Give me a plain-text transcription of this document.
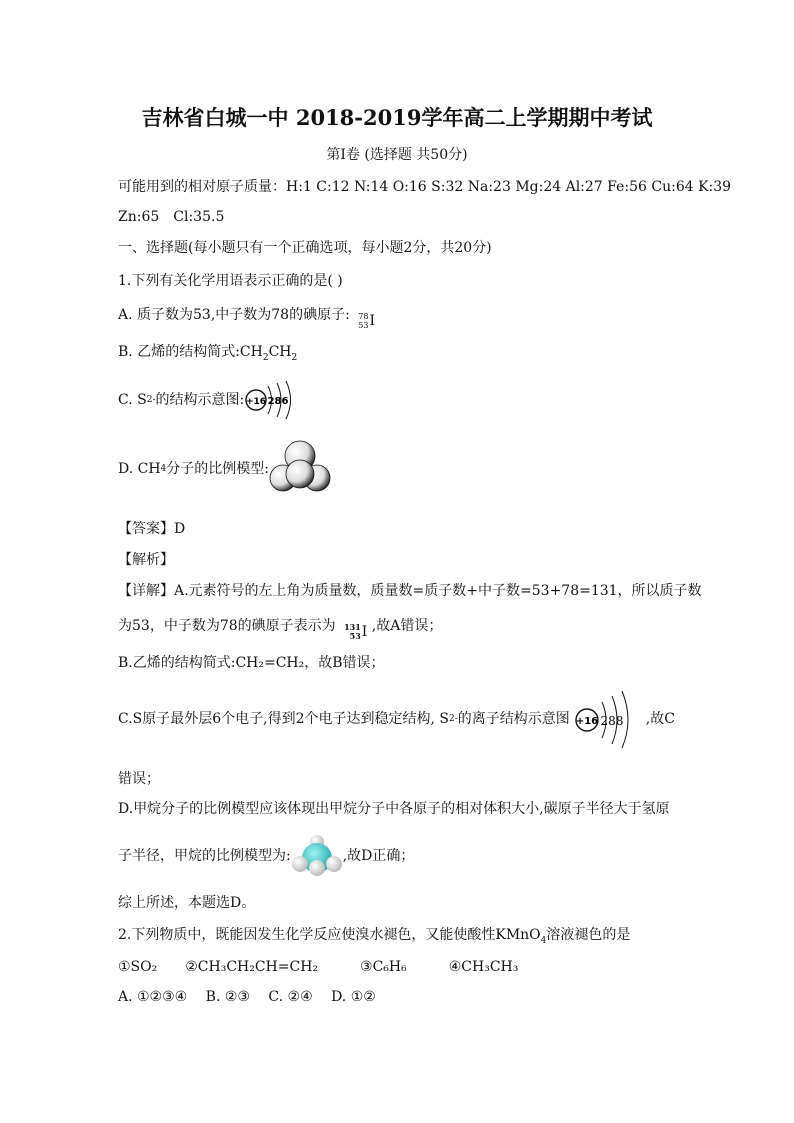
吉林省白城一中 2018-2019学年高二上学期期中考试
第Ⅰ卷 (选择题 共50分)
可能用到的相对原子质量：H:1 C:12 N:14 O:16 S:32 Na:23 Mg:24 Al:27 Fe:56 Cu:64 K:39
Zn:65　Cl:35.5
一、选择题(每小题只有一个正确选项，每小题2分，共20分)
1.下列有关化学用语表示正确的是( )
A. 质子数为53,中子数为78的碘原子: 78
53 I
B. 乙烯的结构简式$:CH_2CH_2$
C. S 2- 的结构示意图: +16 286
D. CH 4 分子的比例模型:
【答案】D
【解析】
【详解】A.元素符号的左上角为质量数，质量数=质子数+中子数=53+78=131，所以质子数
为53，中子数为78的碘原子表示为 131
53 I ,故A错误；
B.乙烯的结构简式:CH₂=CH₂，故B错误；
C.S原子最外层6个电子,得到2个电子达到稳定结构, S 2- 的离子结构示意图 +16 288 ,故C
错误；
D.甲烷分子的比例模型应该体现出甲烷分子中各原子的相对体积大小,碳原子半径大于氢原
子半径，甲烷的比例模型为:	,故D正确；
综上所述，本题选D。
2.下列物质中，既能因发生化学反应使溴水褪色，又能使酸性KMnO$_4$溶液褪色的是
①SO₂　　②CH₃CH₂CH=CH₂　　　③C₆H₆　　　④CH₃CH₃
A. ①②③④　 B. ②③　 C. ②④　 D. ①②
